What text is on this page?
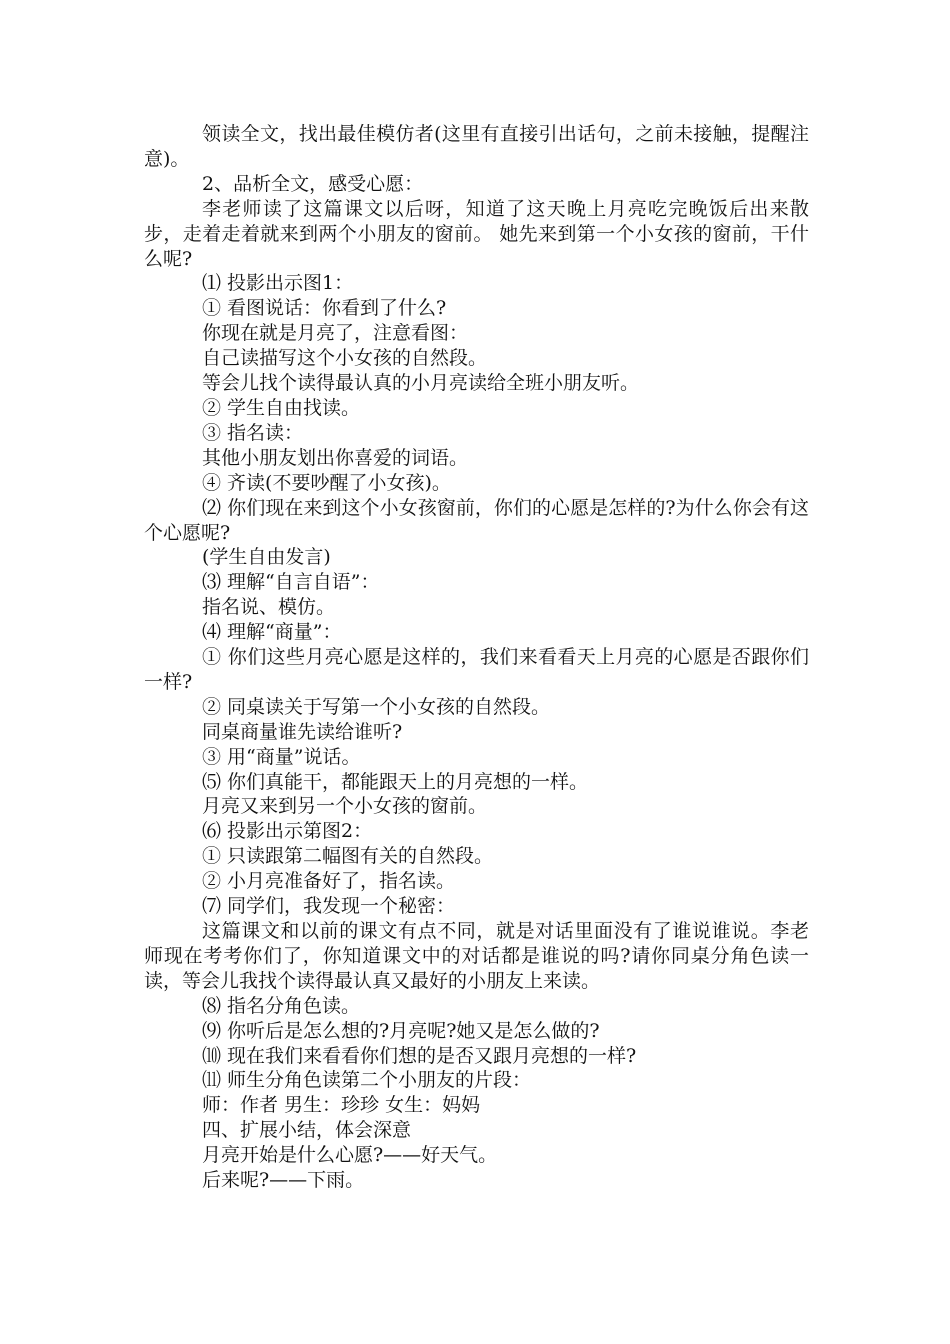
领读全文，找出最佳模仿者(这里有直接引出话句，之前未接触，提醒注意)。

2、品析全文，感受心愿：

李老师读了这篇课文以后呀，知道了这天晚上月亮吃完晚饭后出来散步，走着走着就来到两个小朋友的窗前。 她先来到第一个小女孩的窗前，干什么呢?

⑴ 投影出示图1：

① 看图说话：你看到了什么?

你现在就是月亮了，注意看图：

自己读描写这个小女孩的自然段。

等会儿找个读得最认真的小月亮读给全班小朋友听。

② 学生自由找读。

③ 指名读：

其他小朋友划出你喜爱的词语。

④ 齐读(不要吵醒了小女孩)。

⑵ 你们现在来到这个小女孩窗前，你们的心愿是怎样的?为什么你会有这个心愿呢?

(学生自由发言)

⑶ 理解“自言自语”：

指名说、模仿。

⑷ 理解“商量”：

① 你们这些月亮心愿是这样的，我们来看看天上月亮的心愿是否跟你们一样?

② 同桌读关于写第一个小女孩的自然段。

同桌商量谁先读给谁听?

③ 用“商量”说话。

⑸ 你们真能干，都能跟天上的月亮想的一样。

月亮又来到另一个小女孩的窗前。

⑹ 投影出示第图2：

① 只读跟第二幅图有关的自然段。

② 小月亮准备好了，指名读。

⑺ 同学们，我发现一个秘密：

这篇课文和以前的课文有点不同，就是对话里面没有了谁说谁说。李老师现在考考你们了，你知道课文中的对话都是谁说的吗?请你同桌分角色读一读，等会儿我找个读得最认真又最好的小朋友上来读。

⑻ 指名分角色读。

⑼ 你听后是怎么想的?月亮呢?她又是怎么做的?

⑽ 现在我们来看看你们想的是否又跟月亮想的一样?

⑾ 师生分角色读第二个小朋友的片段：

师：作者 男生：珍珍 女生：妈妈

四、扩展小结，体会深意

月亮开始是什么心愿?——好天气。

后来呢?——下雨。
